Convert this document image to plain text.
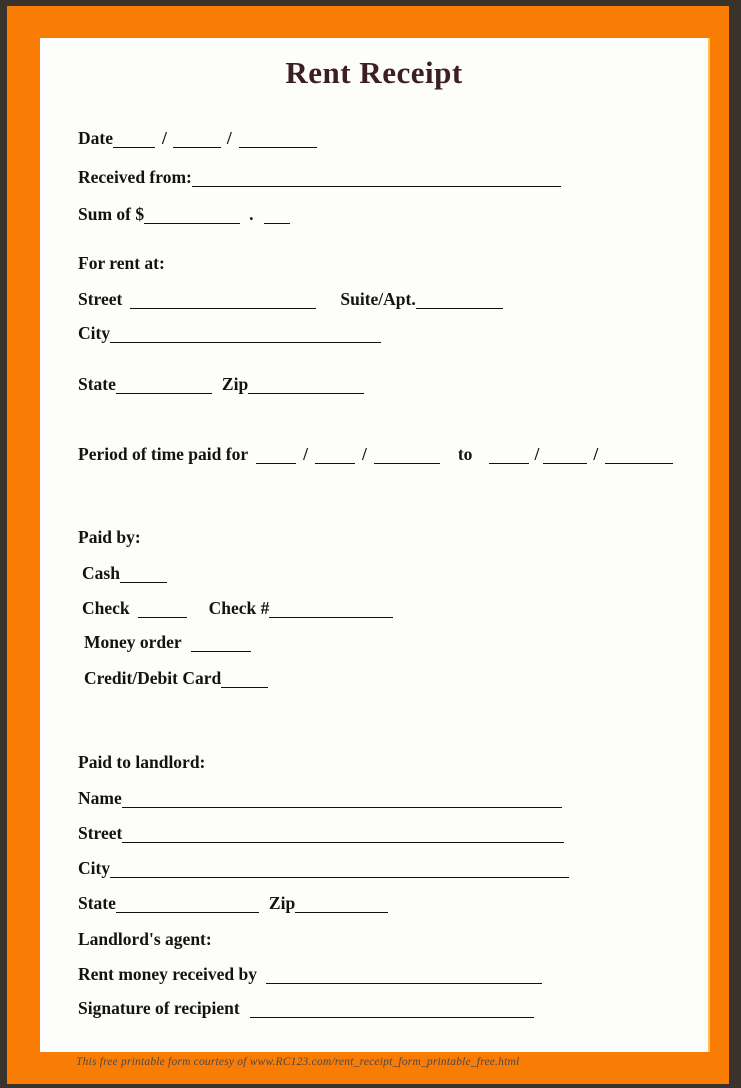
Rent Receipt
Date	/	/
Received from:
Sum of $	.
For rent at:
Street	Suite/Apt.
City
State	Zip
Period of time paid for	/	/	to	/	/
Paid by:
Cash
Check	Check #
Money order
Credit/Debit Card
Paid to landlord:
Name
Street
City
State	Zip
Landlord's agent:
Rent money received by
Signature of recipient
This free printable form courtesy of www.RC123.com/rent_receipt_form_printable_free.html
